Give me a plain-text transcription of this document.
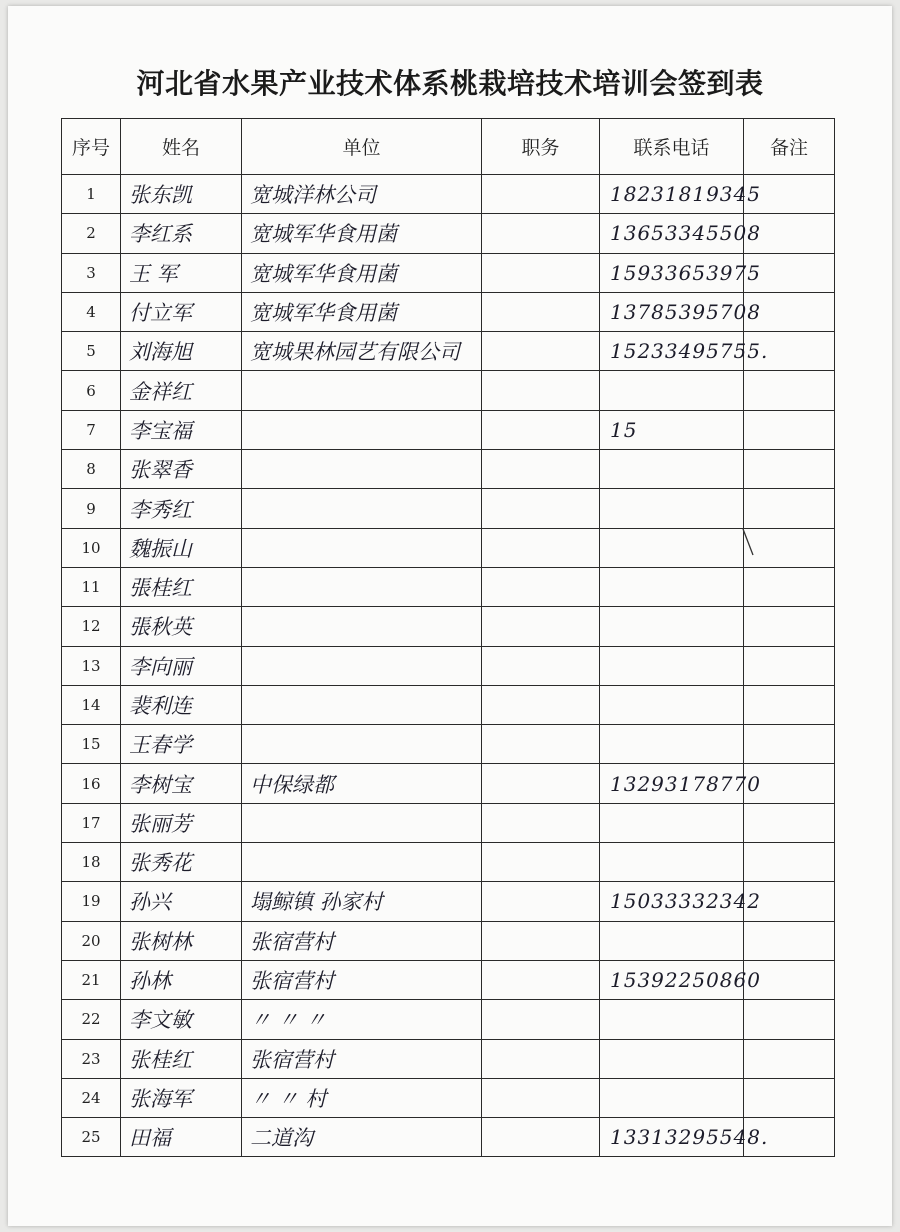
河北省水果产业技术体系桃栽培技术培训会签到表
序号	姓名	单位	职务	联系电话	备注
1	张东凯	宽城洋林公司		18231819345	
2	李红系	宽城军华食用菌		13653345508	
3	王 军	宽城军华食用菌		15933653975	
4	付立军	宽城军华食用菌		13785395708	
5	刘海旭	宽城果林园艺有限公司		15233495755.	
6	金祥红				
7	李宝福			15	
8	张翠香				
9	李秀红				
10	魏振山				
11	張桂红				
12	張秋英				
13	李向丽				
14	裴利连				
15	王春学				
16	李树宝	中保绿都		13293178770	
17	张丽芳				
18	张秀花				
19	孙兴	塌鲸镇 孙家村		15033332342	
20	张树林	张宿营村			
21	孙林	张宿营村		15392250860	
22	李文敏	〃 〃 〃			
23	张桂红	张宿营村			
24	张海军	〃 〃 村			
25	田福	二道沟		13313295548.	
